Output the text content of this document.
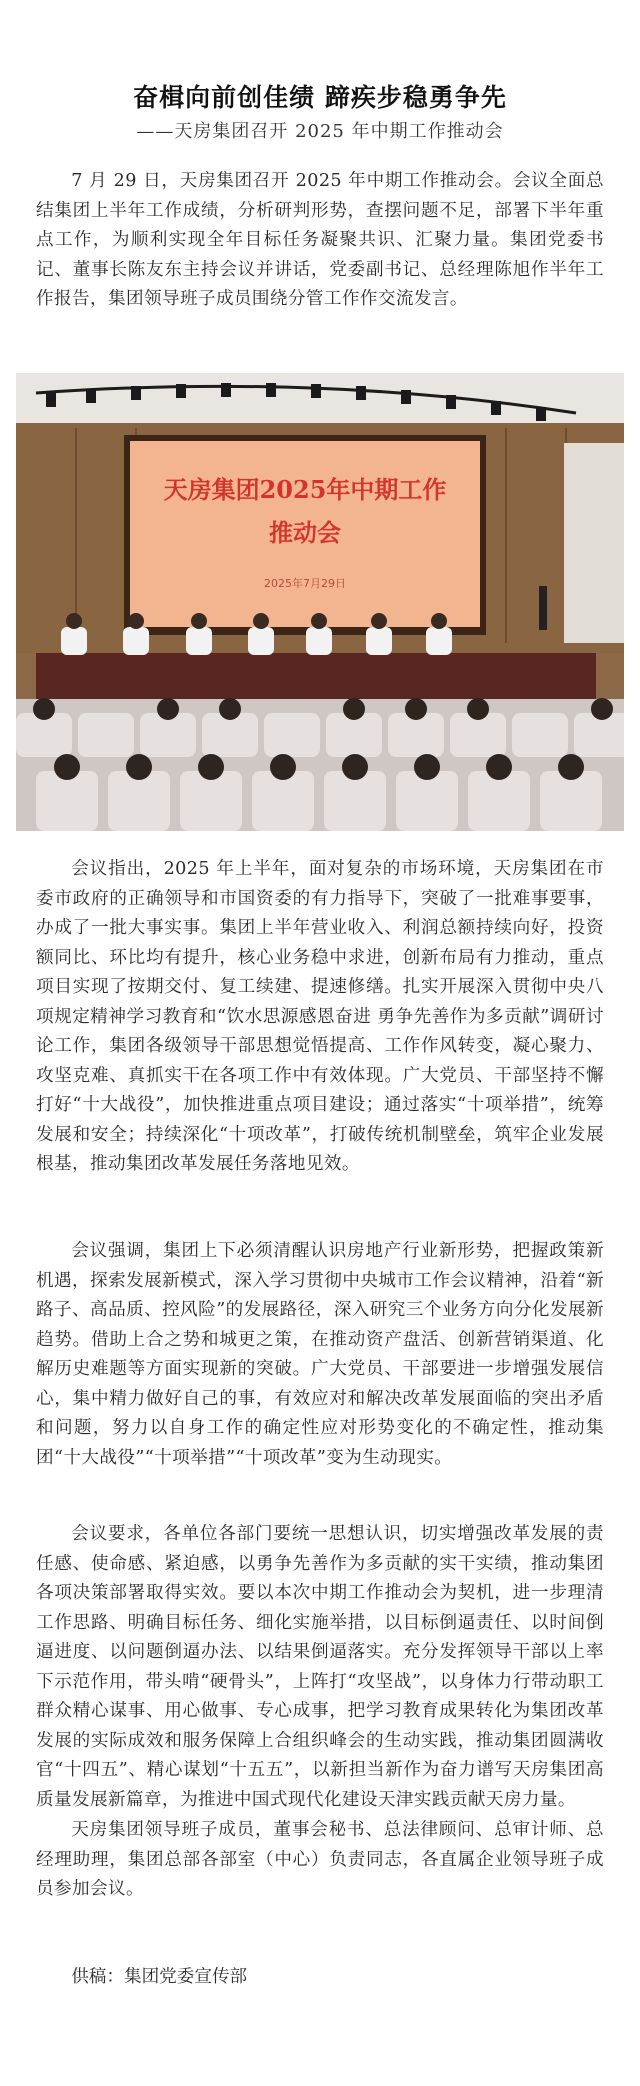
奋楫向前创佳绩 蹄疾步稳勇争先
——天房集团召开 2025 年中期工作推动会

7 月 29 日，天房集团召开 2025 年中期工作推动会。会议全面总结集团上半年工作成绩，分析研判形势，查摆问题不足，部署下半年重点工作，为顺利实现全年目标任务凝聚共识、汇聚力量。集团党委书记、董事长陈友东主持会议并讲话，党委副书记、总经理陈旭作半年工作报告，集团领导班子成员围绕分管工作作交流发言。

天房集团2025年中期工作
推动会
2025年7月29日

会议指出，2025 年上半年，面对复杂的市场环境，天房集团在市委市政府的正确领导和市国资委的有力指导下，突破了一批难事要事，办成了一批大事实事。集团上半年营业收入、利润总额持续向好，投资额同比、环比均有提升，核心业务稳中求进，创新布局有力推动，重点项目实现了按期交付、复工续建、提速修缮。扎实开展深入贯彻中央八项规定精神学习教育和“饮水思源感恩奋进 勇争先善作为多贡献”调研讨论工作，集团各级领导干部思想觉悟提高、工作作风转变，凝心聚力、攻坚克难、真抓实干在各项工作中有效体现。广大党员、干部坚持不懈打好“十大战役”，加快推进重点项目建设；通过落实“十项举措”，统筹发展和安全；持续深化“十项改革”，打破传统机制壁垒，筑牢企业发展根基，推动集团改革发展任务落地见效。

会议强调，集团上下必须清醒认识房地产行业新形势，把握政策新机遇，探索发展新模式，深入学习贯彻中央城市工作会议精神，沿着“新路子、高品质、控风险”的发展路径，深入研究三个业务方向分化发展新趋势。借助上合之势和城更之策，在推动资产盘活、创新营销渠道、化解历史难题等方面实现新的突破。广大党员、干部要进一步增强发展信心，集中精力做好自己的事，有效应对和解决改革发展面临的突出矛盾和问题，努力以自身工作的确定性应对形势变化的不确定性，推动集团“十大战役”“十项举措”“十项改革”变为生动现实。

会议要求，各单位各部门要统一思想认识，切实增强改革发展的责任感、使命感、紧迫感，以勇争先善作为多贡献的实干实绩，推动集团各项决策部署取得实效。要以本次中期工作推动会为契机，进一步理清工作思路、明确目标任务、细化实施举措，以目标倒逼责任、以时间倒逼进度、以问题倒逼办法、以结果倒逼落实。充分发挥领导干部以上率下示范作用，带头啃“硬骨头”，上阵打“攻坚战”，以身体力行带动职工群众精心谋事、用心做事、专心成事，把学习教育成果转化为集团改革发展的实际成效和服务保障上合组织峰会的生动实践，推动集团圆满收官“十四五”、精心谋划“十五五”，以新担当新作为奋力谱写天房集团高质量发展新篇章，为推进中国式现代化建设天津实践贡献天房力量。

天房集团领导班子成员，董事会秘书、总法律顾问、总审计师、总经理助理，集团总部各部室（中心）负责同志，各直属企业领导班子成员参加会议。

供稿：集团党委宣传部
